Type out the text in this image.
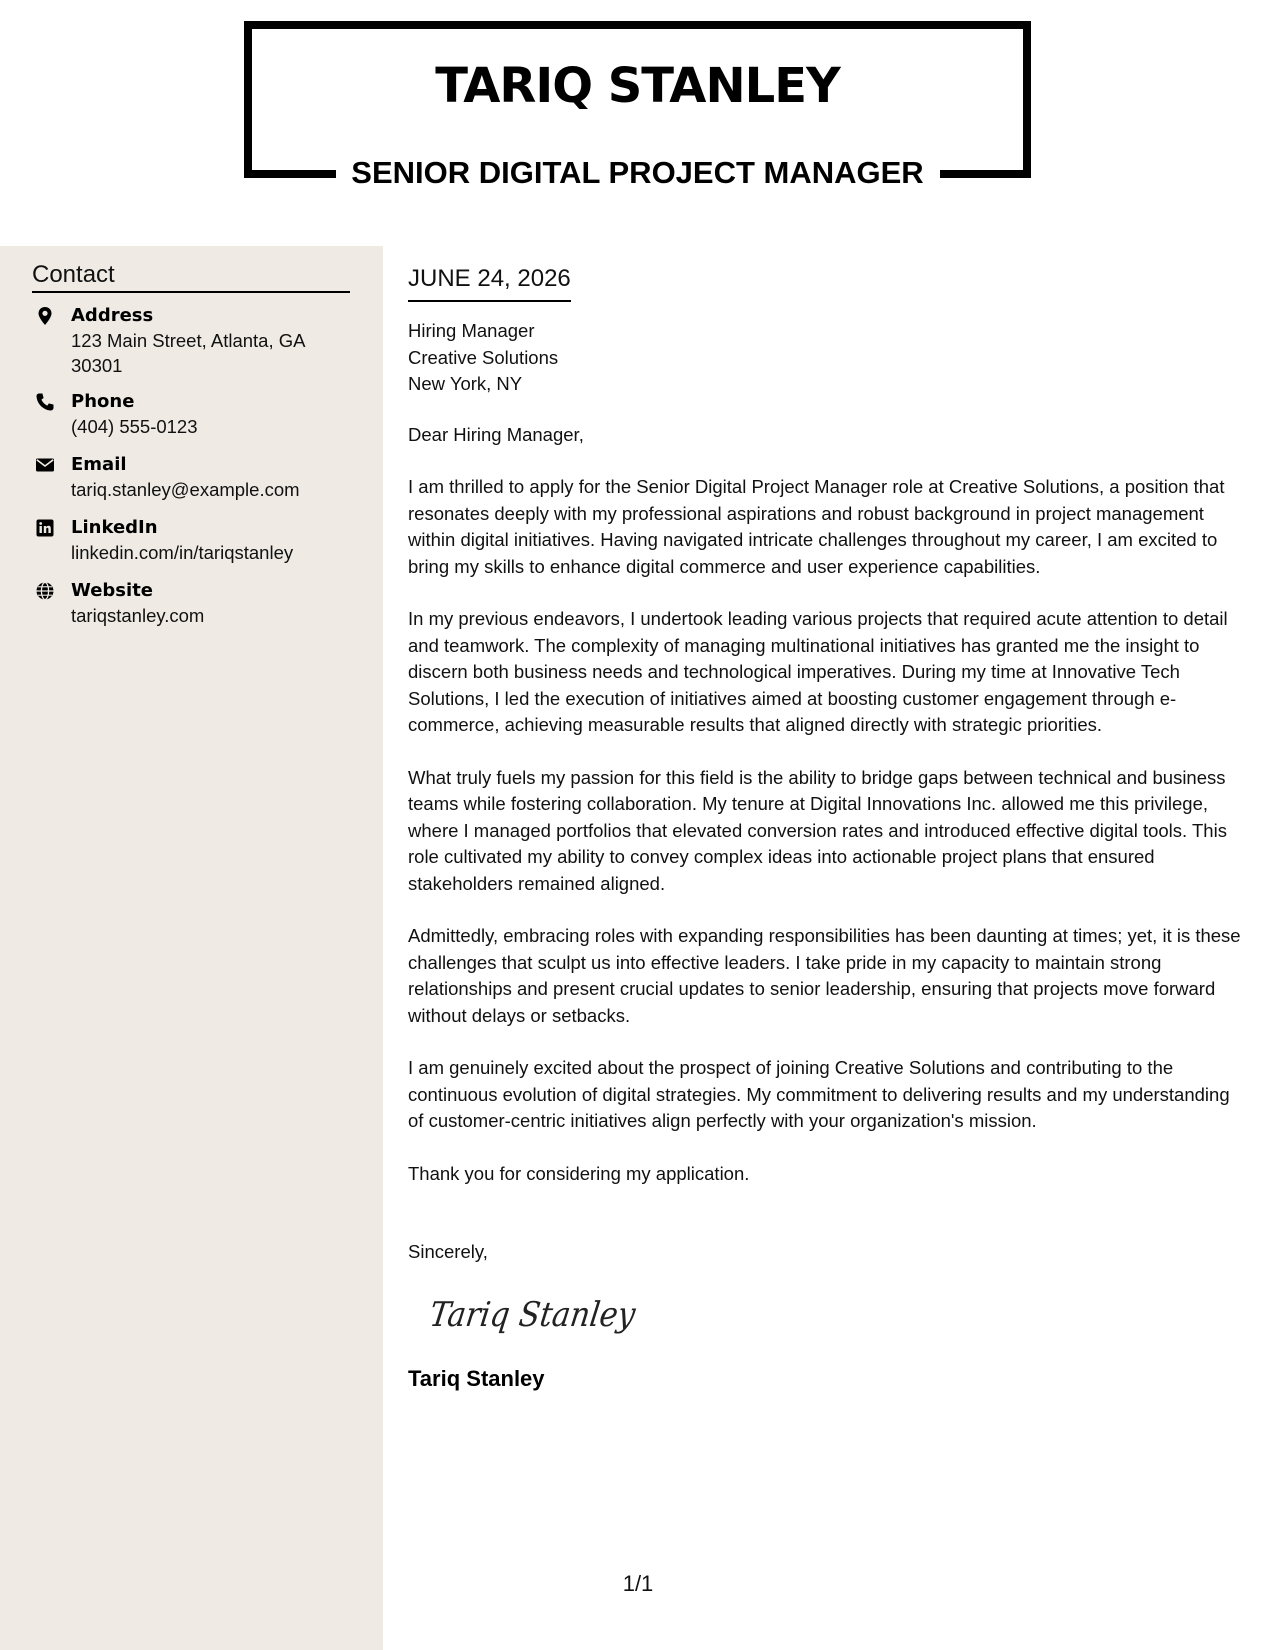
TARIQ STANLEY
SENIOR DIGITAL PROJECT MANAGER
Contact
Address
123 Main Street, Atlanta, GA 30301
Phone
(404) 555-0123
Email
tariq.stanley@example.com
LinkedIn
linkedin.com/in/tariqstanley
Website
tariqstanley.com
JUNE 24, 2026
Hiring Manager
Creative Solutions
New York, NY
Dear Hiring Manager,
I am thrilled to apply for the Senior Digital Project Manager role at Creative Solutions, a position that resonates deeply with my professional aspirations and robust background in project management within digital initiatives. Having navigated intricate challenges throughout my career, I am excited to bring my skills to enhance digital commerce and user experience capabilities.
In my previous endeavors, I undertook leading various projects that required acute attention to detail and teamwork. The complexity of managing multinational initiatives has granted me the insight to discern both business needs and technological imperatives. During my time at Innovative Tech Solutions, I led the execution of initiatives aimed at boosting customer engagement through e-commerce, achieving measurable results that aligned directly with strategic priorities.
What truly fuels my passion for this field is the ability to bridge gaps between technical and business teams while fostering collaboration. My tenure at Digital Innovations Inc. allowed me this privilege, where I managed portfolios that elevated conversion rates and introduced effective digital tools. This role cultivated my ability to convey complex ideas into actionable project plans that ensured stakeholders remained aligned.
Admittedly, embracing roles with expanding responsibilities has been daunting at times; yet, it is these challenges that sculpt us into effective leaders. I take pride in my capacity to maintain strong relationships and present crucial updates to senior leadership, ensuring that projects move forward without delays or setbacks.
I am genuinely excited about the prospect of joining Creative Solutions and contributing to the continuous evolution of digital strategies. My commitment to delivering results and my understanding of customer-centric initiatives align perfectly with your organization's mission.
Thank you for considering my application.
Sincerely,
Tariq Stanley
Tariq Stanley
1/1
